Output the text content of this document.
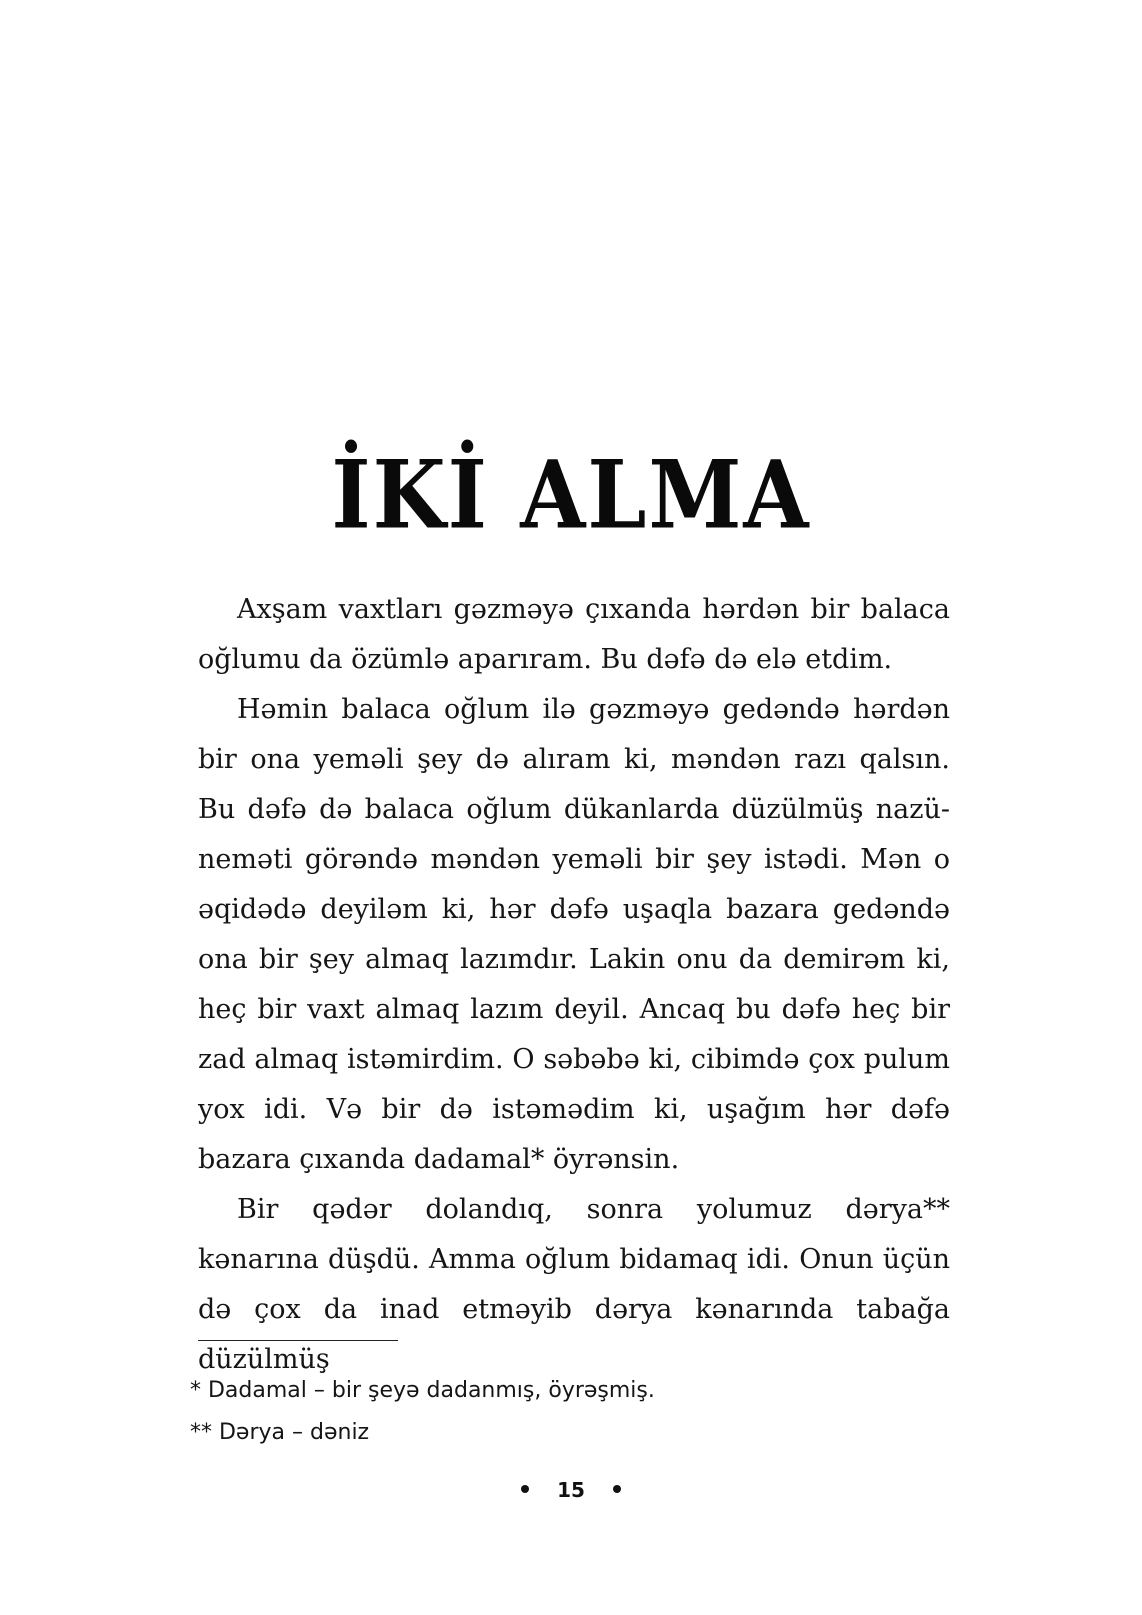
İKİ ALMA

Axşam vaxtları gəzməyə çıxanda hərdən bir balaca oğlumu da özümlə aparıram. Bu dəfə də elə etdim.

Həmin balaca oğlum ilə gəzməyə gedəndə hərdən bir ona yeməli şey də alıram ki, məndən razı qalsın. Bu dəfə də balaca oğlum dükanlarda düzülmüş nazü-neməti görəndə məndən yeməli bir şey istədi. Mən o əqidədə deyiləm ki, hər dəfə uşaqla bazara gedəndə ona bir şey almaq lazımdır. Lakin onu da demirəm ki, heç bir vaxt almaq lazım deyil. Ancaq bu dəfə heç bir zad almaq istəmirdim. O səbəbə ki, cibimdə çox pulum yox idi. Və bir də istəmədim ki, uşağım hər dəfə bazara çıxanda dadamal* öyrənsin.

Bir qədər dolandıq, sonra yolumuz dərya** kənarına düşdü. Amma oğlum bidamaq idi. Onun üçün də çox da inad etməyib dərya kənarında tabağa düzülmüş

* Dadamal – bir şeyə dadanmış, öyrəşmiş.

** Dərya – dəniz

15
